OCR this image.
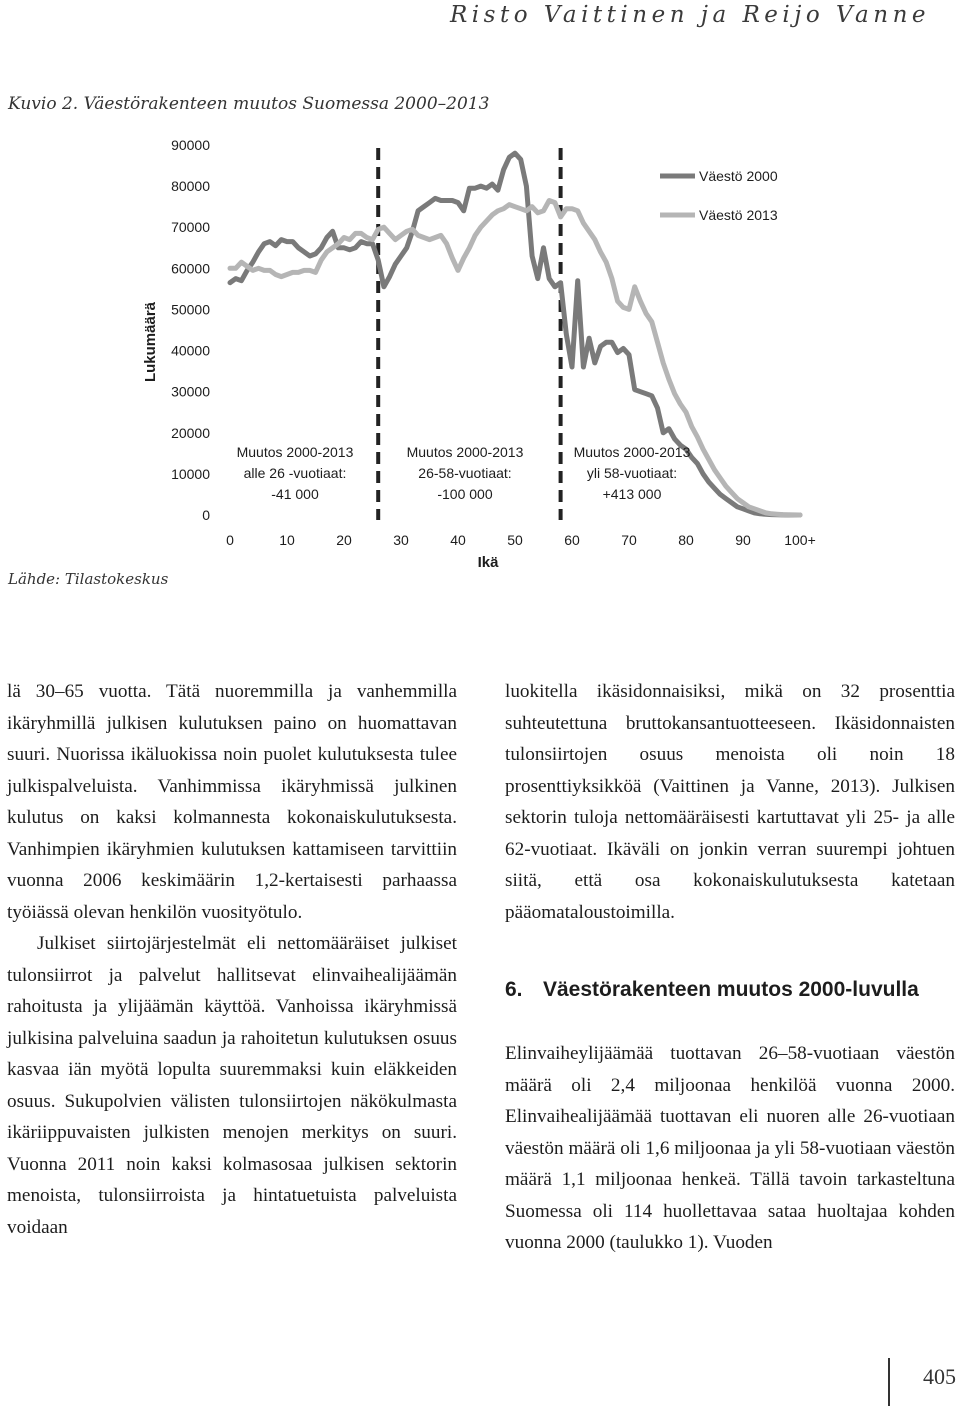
Risto Vaittinen ja Reijo Vanne
Kuvio 2. Väestörakenteen muutos Suomessa 2000–2013
0
10000
20000
30000
40000
50000
60000
70000
80000
90000
0	10	20	30	40	50	60	70	80	90 100+
Lukumäärä
Ikä
Muutos 2000-2013
alle 26 -vuotiaat:
-41 000
Muutos 2000-2013
26-58-vuotiaat:
-100 000
Muutos 2000-2013
yli 58-vuotiaat:
+413 000
Väestö 2000
Väestö 2013
Lähde: Tilastokeskus

lä 30–65 vuotta. Tätä nuoremmilla ja vanhemmilla ikäryhmillä julkisen kulutuksen paino on huomattavan suuri. Nuorissa ikäluokissa noin puolet kulutuksesta tulee julkispalveluista. Vanhimmissa ikäryhmissä julkinen kulutus on kaksi kolmannesta kokonaiskulutuksesta. Vanhimpien ikäryhmien kulutuksen kattamiseen tarvittiin vuonna 2006 keskimäärin 1,2-kertaisesti parhaassa työiässä olevan henkilön vuosityötulo.

Julkiset siirtojärjestelmät eli nettomääräiset julkiset tulonsiirrot ja palvelut hallitsevat elinvaihealijäämän rahoitusta ja ylijäämän käyttöä. Vanhoissa ikäryhmissä julkisina palveluina saadun ja rahoitetun kulutuksen osuus kasvaa iän myötä lopulta suuremmaksi kuin eläkkeiden osuus. Sukupolvien välisten tulonsiirtojen näkökulmasta ikäriippuvaisten julkisten menojen merkitys on suuri. Vuonna 2011 noin kaksi kolmasosaa julkisen sektorin menoista, tulonsiirroista ja hintatuetuista palveluista voidaan

luokitella ikäsidonnaisiksi, mikä on 32 prosenttia suhteutettuna bruttokansantuotteeseen. Ikäsidonnaisten tulonsiirtojen osuus menoista oli noin 18 prosenttiyksikköä (Vaittinen ja Vanne, 2013). Julkisen sektorin tuloja nettomääräisesti kartuttavat yli 25- ja alle 62-vuotiaat. Ikäväli on jonkin verran suurempi johtuen siitä, että osa kokonaiskulutuksesta katetaan pääomataloustoimilla.

6. Väestörakenteen muutos 2000-luvulla

Elinvaiheylijäämää tuottavan 26–58-vuotiaan väestön määrä oli 2,4 miljoonaa henkilöä vuonna 2000. Elinvaihealijäämää tuottavan eli nuoren alle 26-vuotiaan väestön määrä oli 1,6 miljoonaa ja yli 58-vuotiaan väestön määrä 1,1 miljoonaa henkeä. Tällä tavoin tarkasteltuna Suomessa oli 114 huollettavaa sataa huoltajaa kohden vuonna 2000 (taulukko 1). Vuoden

405
